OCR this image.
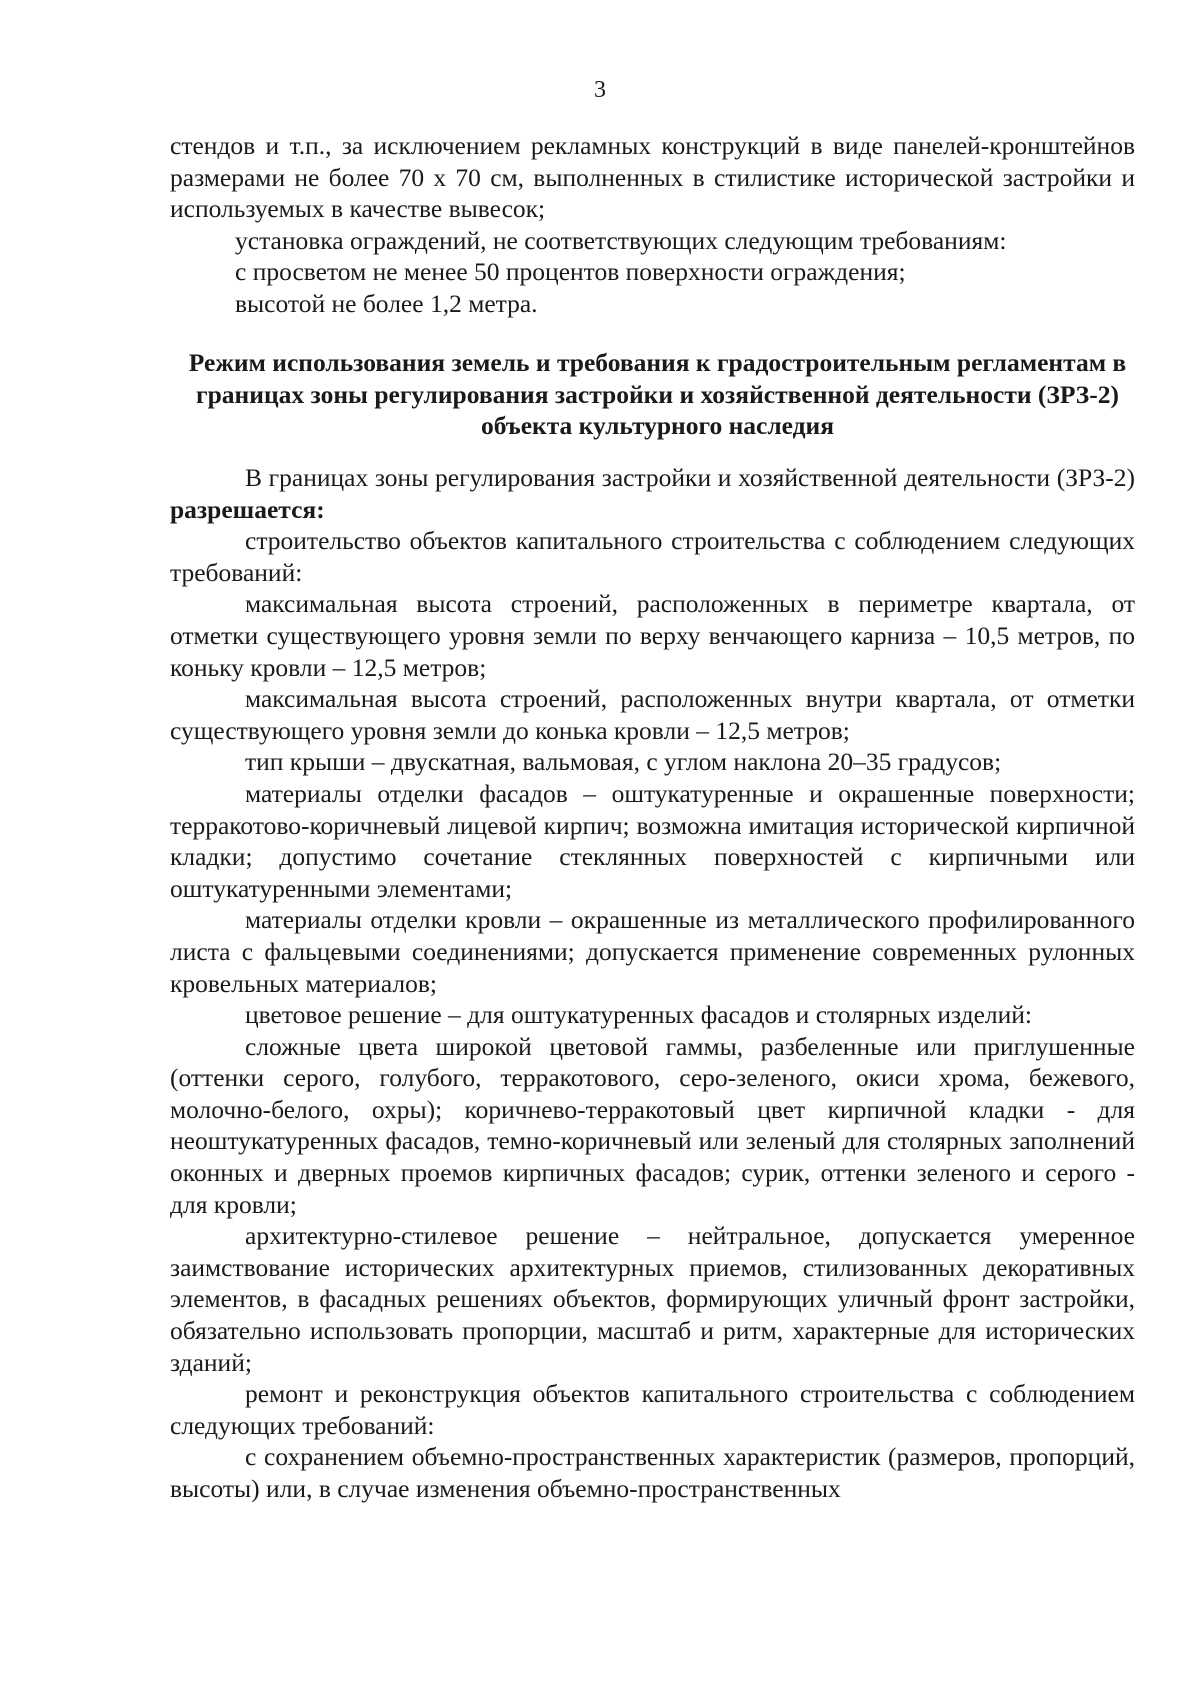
3

стендов и т.п., за исключением рекламных конструкций в виде панелей-кронштейнов размерами не более 70 x 70 см, выполненных в стилистике исторической застройки и используемых в качестве вывесок;

установка ограждений, не соответствующих следующим требованиям:

с просветом не менее 50 процентов поверхности ограждения;

высотой не более 1,2 метра.

Режим использования земель и требования к градостроительным регламентам в границах зоны регулирования застройки и хозяйственной деятельности (ЗРЗ-2) объекта культурного наследия

В границах зоны регулирования застройки и хозяйственной деятельности (ЗРЗ-2) разрешается:

строительство объектов капитального строительства с соблюдением следующих требований:

максимальная высота строений, расположенных в периметре квартала, от отметки существующего уровня земли по верху венчающего карниза – 10,5 метров, по коньку кровли – 12,5 метров;

максимальная высота строений, расположенных внутри квартала, от отметки существующего уровня земли до конька кровли – 12,5 метров;

тип крыши – двускатная, вальмовая, с углом наклона 20–35 градусов;

материалы отделки фасадов – оштукатуренные и окрашенные поверхности; терракотово-коричневый лицевой кирпич; возможна имитация исторической кирпичной кладки; допустимо сочетание стеклянных поверхностей с кирпичными или оштукатуренными элементами;

материалы отделки кровли – окрашенные из металлического профилированного листа с фальцевыми соединениями; допускается применение современных рулонных кровельных материалов;

цветовое решение – для оштукатуренных фасадов и столярных изделий:

сложные цвета широкой цветовой гаммы, разбеленные или приглушенные (оттенки серого, голубого, терракотового, серо-зеленого, окиси хрома, бежевого, молочно-белого, охры); коричнево-терракотовый цвет кирпичной кладки - для неоштукатуренных фасадов, темно-коричневый или зеленый для столярных заполнений оконных и дверных проемов кирпичных фасадов; сурик, оттенки зеленого и серого - для кровли;

архитектурно-стилевое решение – нейтральное, допускается умеренное заимствование исторических архитектурных приемов, стилизованных декоративных элементов, в фасадных решениях объектов, формирующих уличный фронт застройки, обязательно использовать пропорции, масштаб и ритм, характерные для исторических зданий;

ремонт и реконструкция объектов капитального строительства с соблюдением следующих требований:

с сохранением объемно-пространственных характеристик (размеров, пропорций, высоты) или, в случае изменения объемно-пространственных
